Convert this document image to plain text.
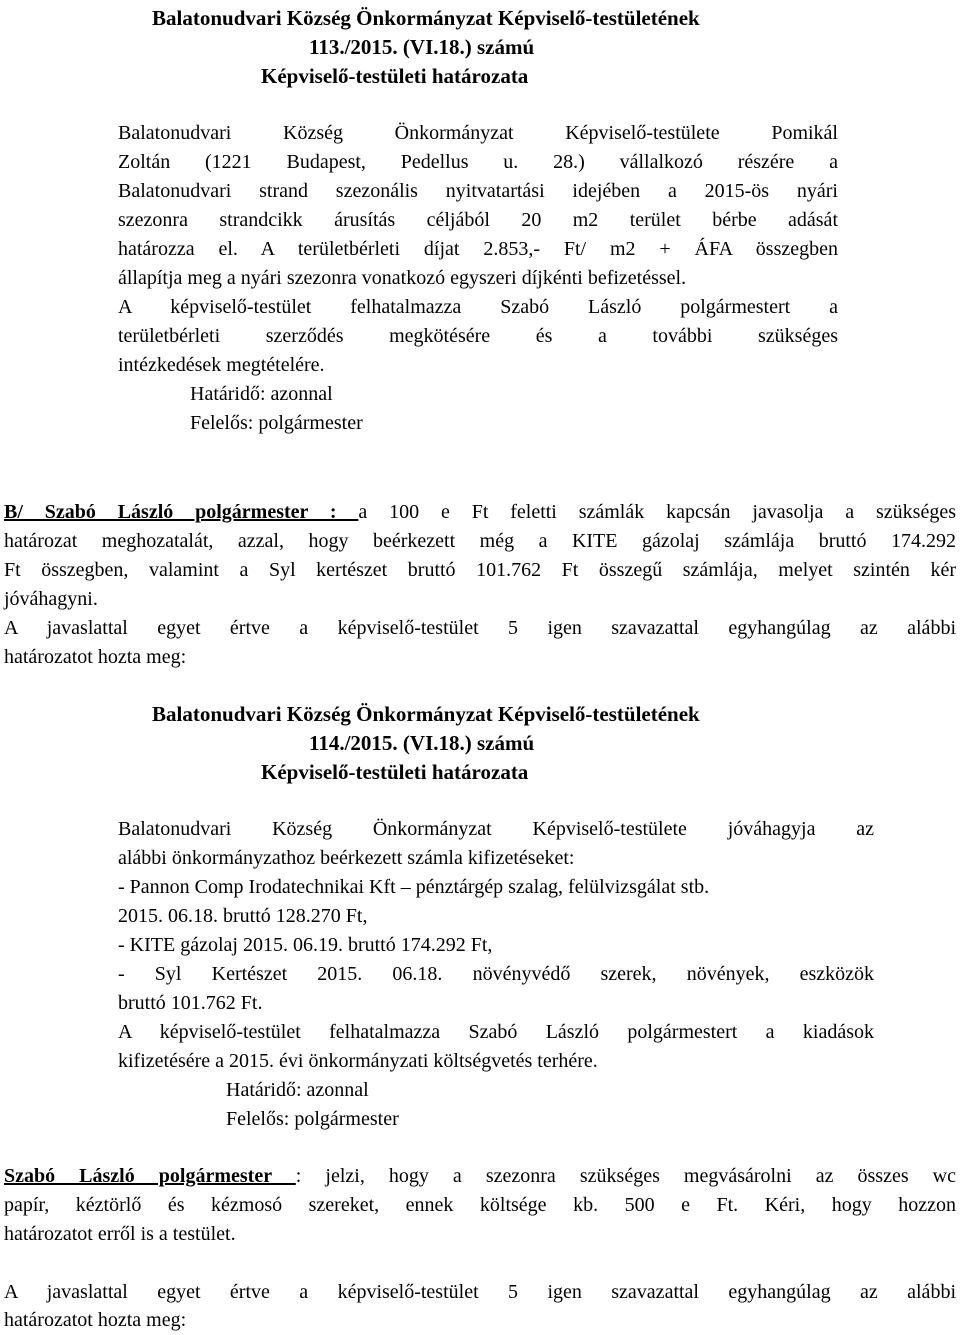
Balatonudvari Község Önkormányzat Képviselő-testületének
113./2015. (VI.18.) számú
Képviselő-testületi határozata
Balatonudvari Község Önkormányzat Képviselő-testülete Pomikál
Zoltán (1221 Budapest, Pedellus u. 28.) vállalkozó részére a
Balatonudvari strand szezonális nyitvatartási idejében a 2015-ös nyári
szezonra strandcikk árusítás céljából 20 m2 terület bérbe adását
határozza el. A területbérleti díjat 2.853,- Ft/ m2 + ÁFA összegben
állapítja meg a nyári szezonra vonatkozó egyszeri díjkénti befizetéssel.
A képviselő-testület felhatalmazza Szabó László polgármestert a
területbérleti szerződés megkötésére és a további szükséges
intézkedések megtételére.
Határidő: azonnal
Felelős: polgármester
B/ Szabó László polgármester : a 100 e Ft feletti számlák kapcsán javasolja a szükséges
határozat meghozatalát, azzal, hogy beérkezett még a KITE gázolaj számlája bruttó 174.292
Ft összegben, valamint a Syl kertészet bruttó 101.762 Ft összegű számlája, melyet szintén kér
jóváhagyni.
A javaslattal egyet értve a képviselő-testület 5 igen szavazattal egyhangúlag az alábbi
határozatot hozta meg:
Balatonudvari Község Önkormányzat Képviselő-testületének
114./2015. (VI.18.) számú
Képviselő-testületi határozata
Balatonudvari Község Önkormányzat Képviselő-testülete jóváhagyja az
alábbi önkormányzathoz beérkezett számla kifizetéseket:
- Pannon Comp Irodatechnikai Kft – pénztárgép szalag, felülvizsgálat stb.
2015. 06.18. bruttó 128.270 Ft,
- KITE gázolaj 2015. 06.19. bruttó 174.292 Ft,
- Syl Kertészet 2015. 06.18. növényvédő szerek, növények, eszközök
bruttó 101.762 Ft.
A képviselő-testület felhatalmazza Szabó László polgármestert a kiadások
kifizetésére a 2015. évi önkormányzati költségvetés terhére.
Határidő: azonnal
Felelős: polgármester
Szabó László polgármester : jelzi, hogy a szezonra szükséges megvásárolni az összes wc
papír, kéztörlő és kézmosó szereket, ennek költsége kb. 500 e Ft. Kéri, hogy hozzon
határozatot erről is a testület.
A javaslattal egyet értve a képviselő-testület 5 igen szavazattal egyhangúlag az alábbi
határozatot hozta meg:
